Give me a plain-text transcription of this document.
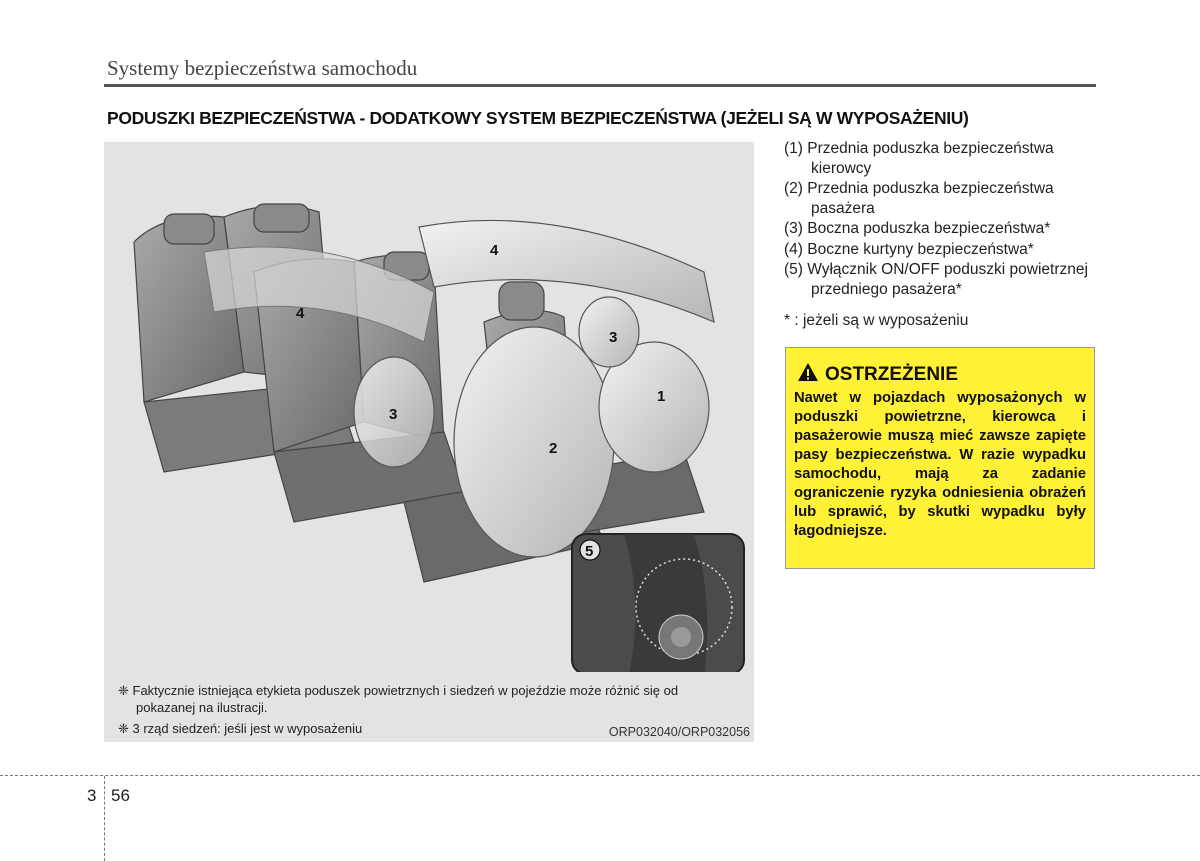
Systemy bezpieczeństwa samochodu
PODUSZKI BEZPIECZEŃSTWA - DODATKOWY SYSTEM BEZPIECZEŃSTWA (JEŻELI SĄ W WYPOSAŻENIU)
4
4
3
3
2
1
5

❈ Faktycznie istniejąca etykieta poduszek powietrznych i siedzeń w pojeździe może różnić się od pokazanej na ilustracji.

❈ 3 rząd siedzeń: jeśli jest w wyposażeniu	ORP032040/ORP032056
(1) Przednia poduszka bezpieczeństwa kierowcy
(2) Przednia poduszka bezpieczeństwa pasażera
(3) Boczna poduszka bezpieczeństwa*
(4) Boczne kurtyny bezpieczeństwa*
(5) Wyłącznik ON/OFF poduszki powietrznej przedniego pasażera*
* : jeżeli są w wyposażeniu
OSTRZEŻENIE
Nawet w pojazdach wyposażonych w poduszki powietrzne, kierowca i pasażerowie muszą mieć zawsze zapięte pasy bezpieczeństwa. W razie wypadku samochodu, mają za zadanie ograniczenie ryzyka odniesienia obrażeń lub sprawić, by skutki wypadku były łagodniejsze.
3 56
